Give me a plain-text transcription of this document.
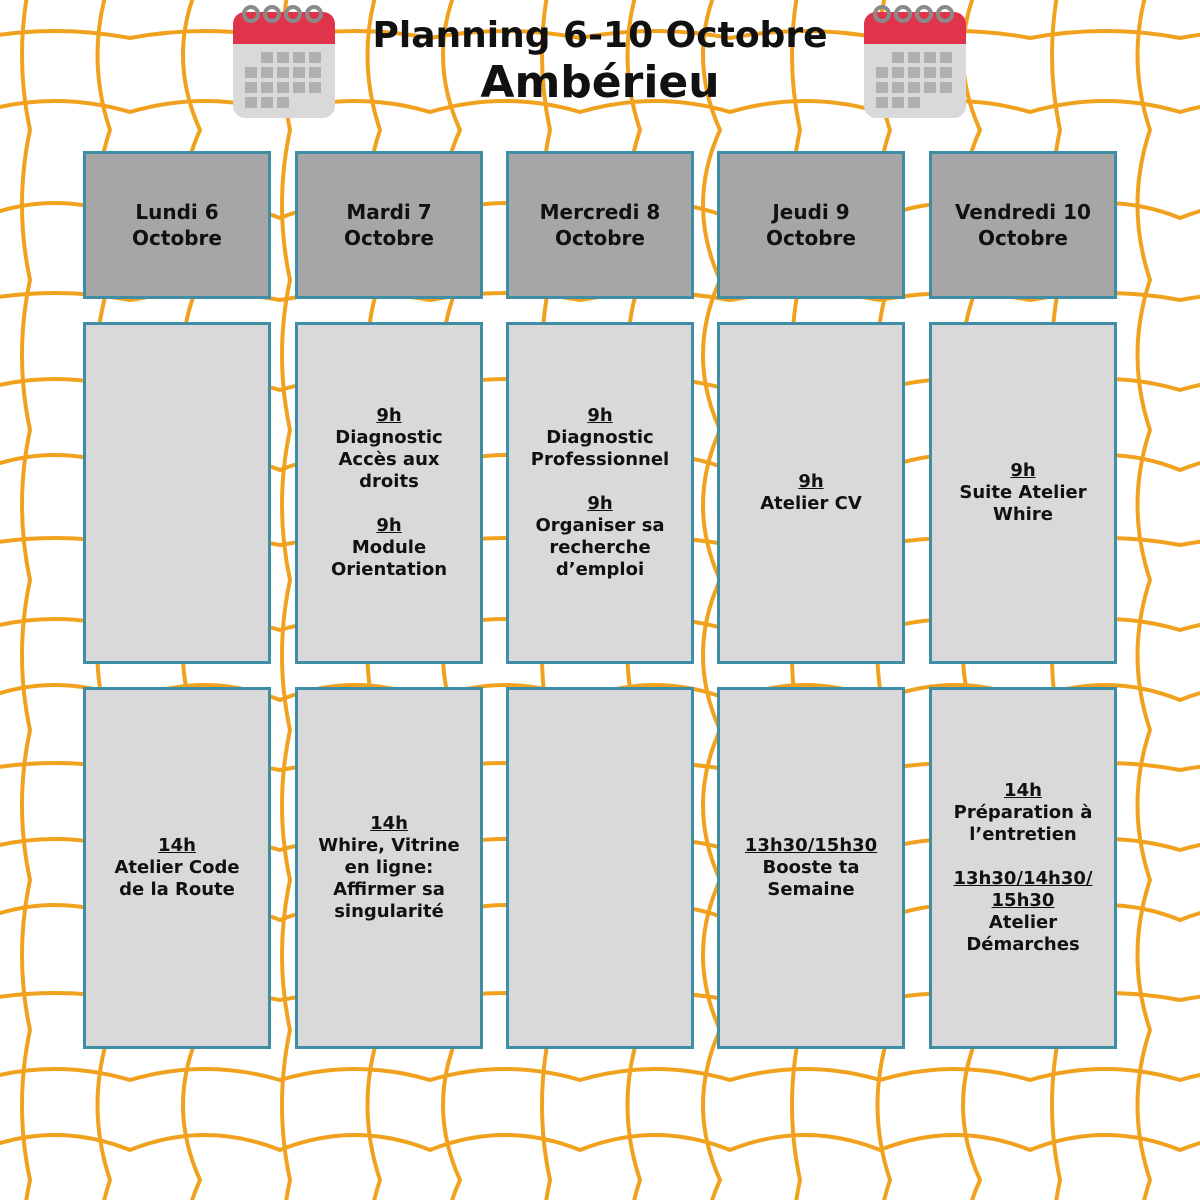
Planning 6-10 Octobre
Ambérieu
Lundi 6
Octobre
Mardi 7
Octobre
Mercredi 8
Octobre
Jeudi 9
Octobre
Vendredi 10
Octobre
9h
Diagnostic
Accès aux
droits
9h
Module
Orientation
9h
Diagnostic
Professionnel
9h
Organiser sa
recherche
d’emploi
9h
Atelier CV
9h
Suite Atelier
Whire
14h
Atelier Code
de la Route
14h
Whire, Vitrine
en ligne:
Affirmer sa
singularité
13h30/15h30
Booste ta
Semaine
14h
Préparation à
l’entretien
13h30/14h30/ 15h30
Atelier
Démarches
